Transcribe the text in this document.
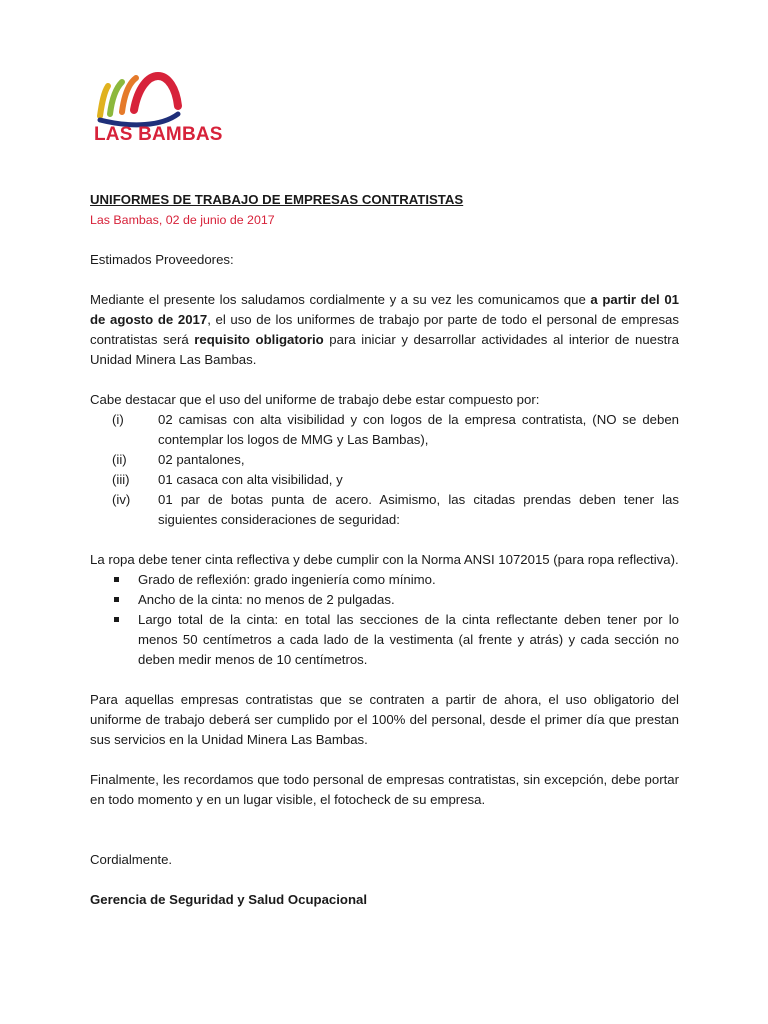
LAS BAMBAS

UNIFORMES DE TRABAJO DE EMPRESAS CONTRATISTAS

Las Bambas, 02 de junio de 2017

Estimados Proveedores:

Mediante el presente los saludamos cordialmente y a su vez les comunicamos que a partir del 01 de agosto de 2017, el uso de los uniformes de trabajo por parte de todo el personal de empresas contratistas será requisito obligatorio para iniciar y desarrollar actividades al interior de nuestra Unidad Minera Las Bambas.

Cabe destacar que el uso del uniforme de trabajo debe estar compuesto por:

(i)	02 camisas con alta visibilidad y con logos de la empresa contratista, (NO se deben contemplar los logos de MMG y Las Bambas),
(ii) 02 pantalones,
(iii) 01 casaca con alta visibilidad, y
(iv) 01 par de botas punta de acero. Asimismo, las citadas prendas deben tener las siguientes consideraciones de seguridad:

La ropa debe tener cinta reflectiva y debe cumplir con la Norma ANSI 1072015 (para ropa reflectiva).

Grado de reflexión: grado ingeniería como mínimo.
Ancho de la cinta: no menos de 2 pulgadas.
Largo total de la cinta: en total las secciones de la cinta reflectante deben tener por lo menos 50 centímetros a cada lado de la vestimenta (al frente y atrás) y cada sección no deben medir menos de 10 centímetros.

Para aquellas empresas contratistas que se contraten a partir de ahora, el uso obligatorio del uniforme de trabajo deberá ser cumplido por el 100% del personal, desde el primer día que prestan sus servicios en la Unidad Minera Las Bambas.

Finalmente, les recordamos que todo personal de empresas contratistas, sin excepción, debe portar en todo momento y en un lugar visible, el fotocheck de su empresa.

Cordialmente.

Gerencia de Seguridad y Salud Ocupacional
